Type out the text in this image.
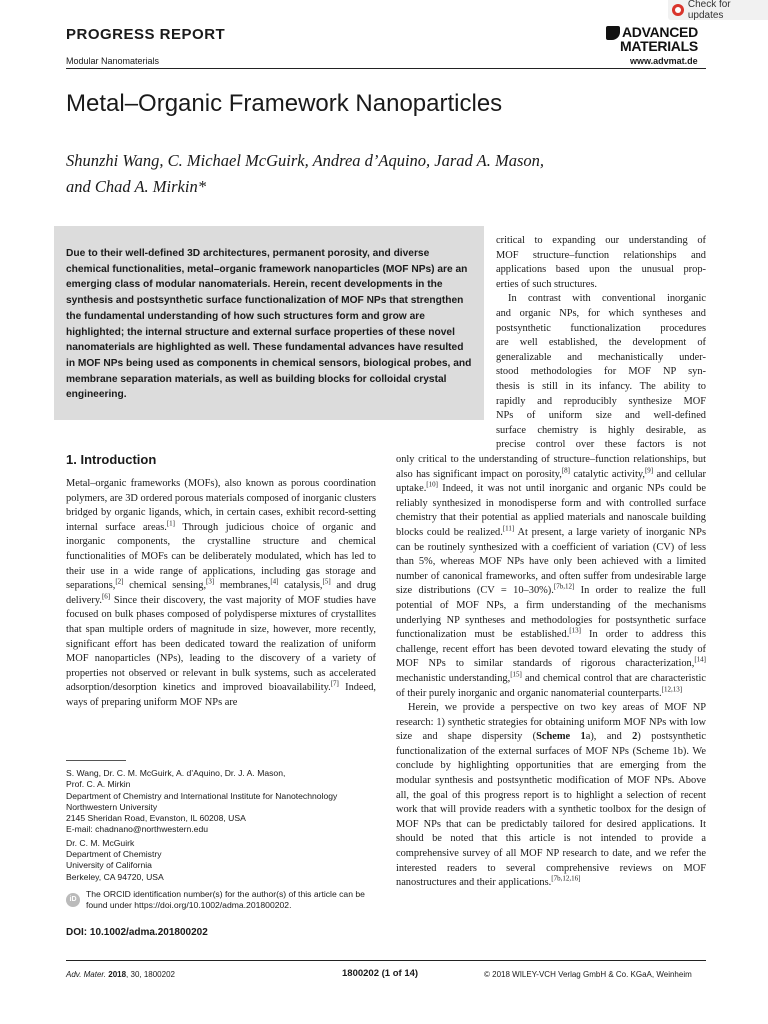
Check for updates
PROGRESS REPORT	ADVANCED
MATERIALS
Modular Nanomaterials	www.advmat.de
Metal–Organic Framework Nanoparticles
Shunzhi Wang, C. Michael McGuirk, Andrea d’Aquino, Jarad A. Mason,
and Chad A. Mirkin*

Due to their well-defined 3D architectures, permanent porosity, and diverse chemical functionalities, metal–organic framework nanoparticles (MOF NPs) are an emerging class of modular nanomaterials. Herein, recent developments in the synthesis and postsynthetic surface functionalization of MOF NPs that strengthen the fundamental understanding of how such structures form and grow are highlighted; the internal structure and external surface properties of these novel nanomaterials are highlighted as well. These fundamental advances have resulted in MOF NPs being used as components in chemical sensors, biological probes, and membrane separation materials, as well as building blocks for colloidal crystal engineering.

critical to expanding our understanding of
MOF structure–function relationships and
applications based upon the unusual prop-
erties of such structures.
In contrast with conventional inorganic
and organic NPs, for which syntheses and
postsynthetic functionalization procedures
are well established, the development of
generalizable and mechanistically under-
stood methodologies for MOF NP syn-
thesis is still in its infancy. The ability to
rapidly and reproducibly synthesize MOF
NPs of uniform size and well-defined
surface chemistry is highly desirable, as
precise control over these factors is not

only critical to the understanding of structure–function relationships, but also has significant impact on porosity,[8] catalytic activity,[9] and cellular uptake.[10] Indeed, it was not until inorganic and organic NPs could be reliably synthesized in monodisperse form and with controlled surface chemistry that their potential as applied materials and nanoscale building blocks could be realized.[11] At present, a large variety of inorganic NPs can be routinely synthesized with a coefficient of variation (CV) of less than 5%, whereas MOF NPs have only been achieved with a limited number of canonical frameworks, and often suffer from undesirable large size distributions (CV = 10–30%).[7b,12] In order to realize the full potential of MOF NPs, a firm understanding of the mechanisms underlying NP syntheses and methodologies for postsynthetic surface functionalization must be established.[13] In order to address this challenge, recent effort has been devoted toward elevating the study of MOF NPs to similar standards of rigorous characterization,[14] mechanistic understanding,[15] and chemical control that are characteristic of their purely inorganic and organic nanomaterial counterparts.[12,13]

Herein, we provide a perspective on two key areas of MOF NP research: 1) synthetic strategies for obtaining uniform MOF NPs with low size and shape dispersity (Scheme 1a), and 2) postsynthetic functionalization of the external surfaces of MOF NPs (Scheme 1b). We conclude by highlighting opportunities that are emerging from the modular synthesis and postsynthetic modification of MOF NPs. Above all, the goal of this progress report is to highlight a selection of recent work that will provide readers with a synthetic toolbox for the design of MOF NPs that can be predictably tailored for desired applications. It should be noted that this article is not intended to provide a comprehensive survey of all MOF NP research to date, and we refer the interested readers to several comprehensive reviews on MOF nanostructures and their applications.[7b,12,16]

1. Introduction

Metal–organic frameworks (MOFs), also known as porous coordination polymers, are 3D ordered porous materials composed of inorganic clusters bridged by organic ligands, which, in certain cases, exhibit record-setting internal surface areas.[1] Through judicious choice of organic and inorganic components, the crystalline structure and chemical functionalities of MOFs can be deliberately modulated, which has led to their use in a wide range of applications, including gas storage and separations,[2] chemical sensing,[3] membranes,[4] catalysis,[5] and drug delivery.[6] Since their discovery, the vast majority of MOF studies have focused on bulk phases composed of polydisperse mixtures of crystallites that span multiple orders of magnitude in size, however, more recently, significant effort has been dedicated toward the realization of uniform MOF nanoparticles (NPs), leading to the discovery of a variety of properties not observed or relevant in bulk systems, such as accelerated adsorption/desorption kinetics and improved bioavailability.[7] Indeed, ways of preparing uniform MOF NPs are

S. Wang, Dr. C. M. McGuirk, A. d’Aquino, Dr. J. A. Mason,
Prof. C. A. Mirkin
Department of Chemistry and International Institute for Nanotechnology
Northwestern University
2145 Sheridan Road, Evanston, IL 60208, USA
E-mail: chadnano@northwestern.edu

Dr. C. M. McGuirk
Department of Chemistry
University of California
Berkeley, CA 94720, USA

iD
The ORCID identification number(s) for the author(s) of this article can be found under https://doi.org/10.1002/adma.201800202.
DOI: 10.1002/adma.201800202
Adv. Mater. 2018, 30, 1800202	1800202 (1 of 14)	© 2018 WILEY-VCH Verlag GmbH & Co. KGaA, Weinheim
